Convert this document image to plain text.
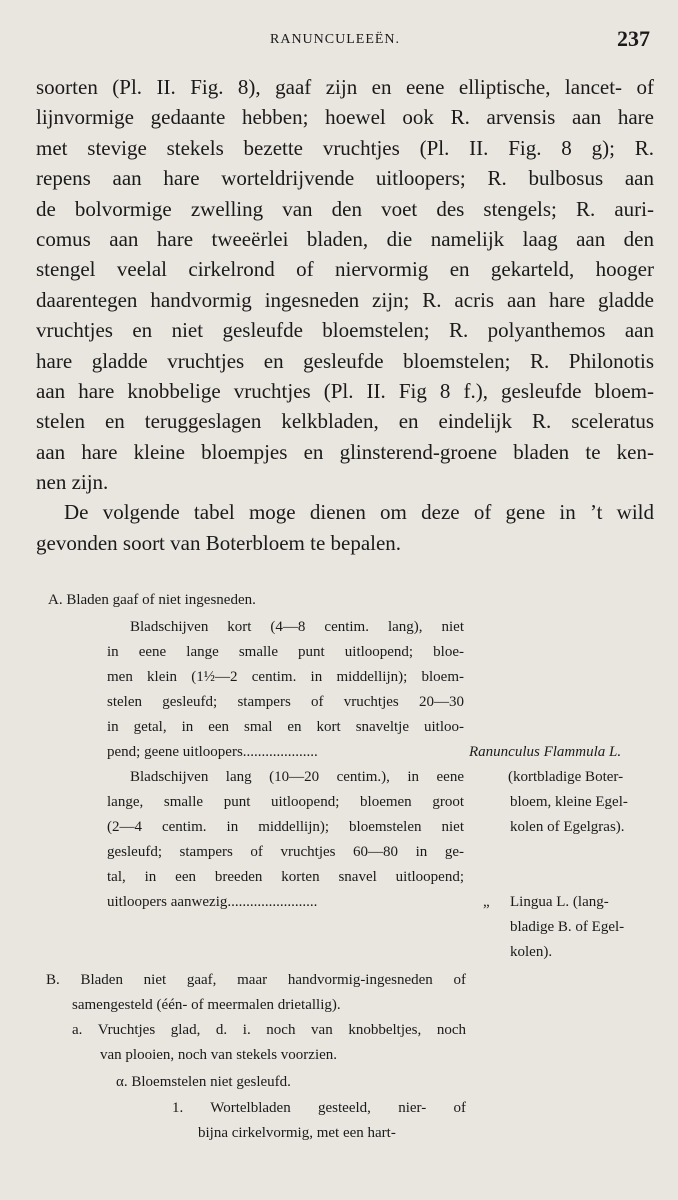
RANUNCULEEËN.	237
soorten (Pl. II. Fig. 8), gaaf zijn en eene elliptische, lancet- of
lijnvormige gedaante hebben; hoewel ook R. arvensis aan hare
met stevige stekels bezette vruchtjes (Pl. II. Fig. 8 g); R.
repens aan hare worteldrijvende uitloopers; R. bulbosus aan
de bolvormige zwelling van den voet des stengels; R. auri-
comus aan hare tweeërlei bladen, die namelijk laag aan den
stengel veelal cirkelrond of niervormig en gekarteld, hooger
daarentegen handvormig ingesneden zijn; R. acris aan hare gladde
vruchtjes en niet gesleufde bloemstelen; R. polyanthemos aan
hare gladde vruchtjes en gesleufde bloemstelen; R. Philonotis
aan hare knobbelige vruchtjes (Pl. II. Fig 8 f.), gesleufde bloem-
stelen en teruggeslagen kelkbladen, en eindelijk R. sceleratus
aan hare kleine bloempjes en glinsterend-groene bladen te ken-
nen zijn.
De volgende tabel moge dienen om deze of gene in ’t wild
gevonden soort van Boterbloem te bepalen.
A. Bladen gaaf of niet ingesneden.
Bladschijven kort (4—8 centim. lang), niet
in eene lange smalle punt uitloopend; bloe-
men klein (1½—2 centim. in middellijn); bloem-
stelen gesleufd; stampers of vruchtjes 20—30
in getal, in een smal en kort snaveltje uitloo-
pend; geene uitloopers....................	Ranunculus Flammula L.
Bladschijven lang (10—20 centim.), in eene
lange, smalle punt uitloopend; bloemen groot
(2—4 centim. in middellijn); bloemstelen niet
gesleufd; stampers of vruchtjes 60—80 in ge-
tal, in een breeden korten snavel uitloopend;
uitloopers aanwezig........................
(kortbladige Boter-
bloem, kleine Egel-
kolen of Egelgras).
„ Lingua L. (lang-
bladige B. of Egel-
kolen).
B. Bladen niet gaaf, maar handvormig-ingesneden of
samengesteld (één- of meermalen drietallig).
a. Vruchtjes glad, d. i. noch van knobbeltjes, noch
van plooien, noch van stekels voorzien.
α. Bloemstelen niet gesleufd.
1. Wortelbladen gesteeld, nier- of
bijna cirkelvormig, met een hart-
